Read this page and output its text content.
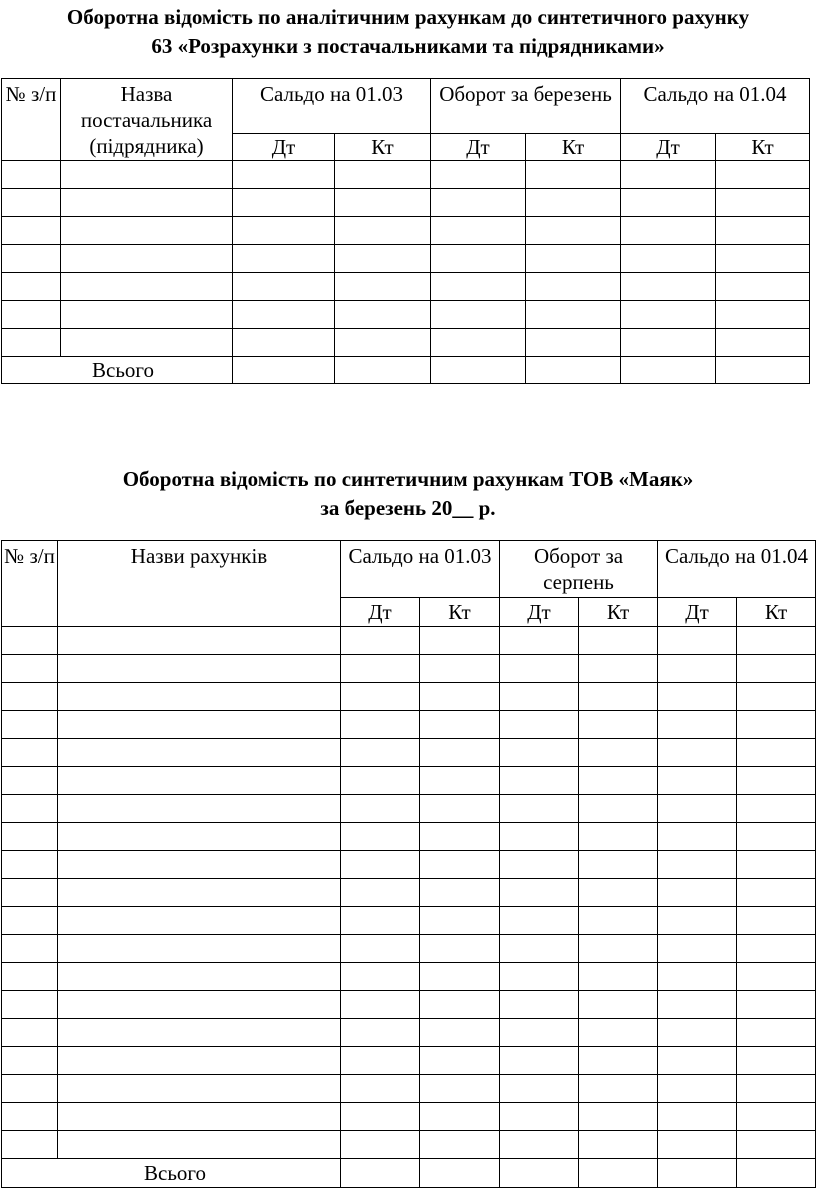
Оборотна відомість по аналітичним рахункам до синтетичного рахунку
63 «Розрахунки з постачальниками та підрядниками»
№ з/п	Назва постачальника (підрядника)	Сальдо на 01.03		Оборот за березень		Сальдо на 01.04	
		Дт	Кт	Дт	Кт	Дт	Кт

Всього							
Оборотна відомість по синтетичним рахункам ТОВ «Маяк»
за березень 20__ р.
№ з/п	Назви рахунків	Сальдо на 01.03		Оборот за серпень		Сальдо на 01.04	
		Дт	Кт	Дт	Кт	Дт	Кт

Всього							
